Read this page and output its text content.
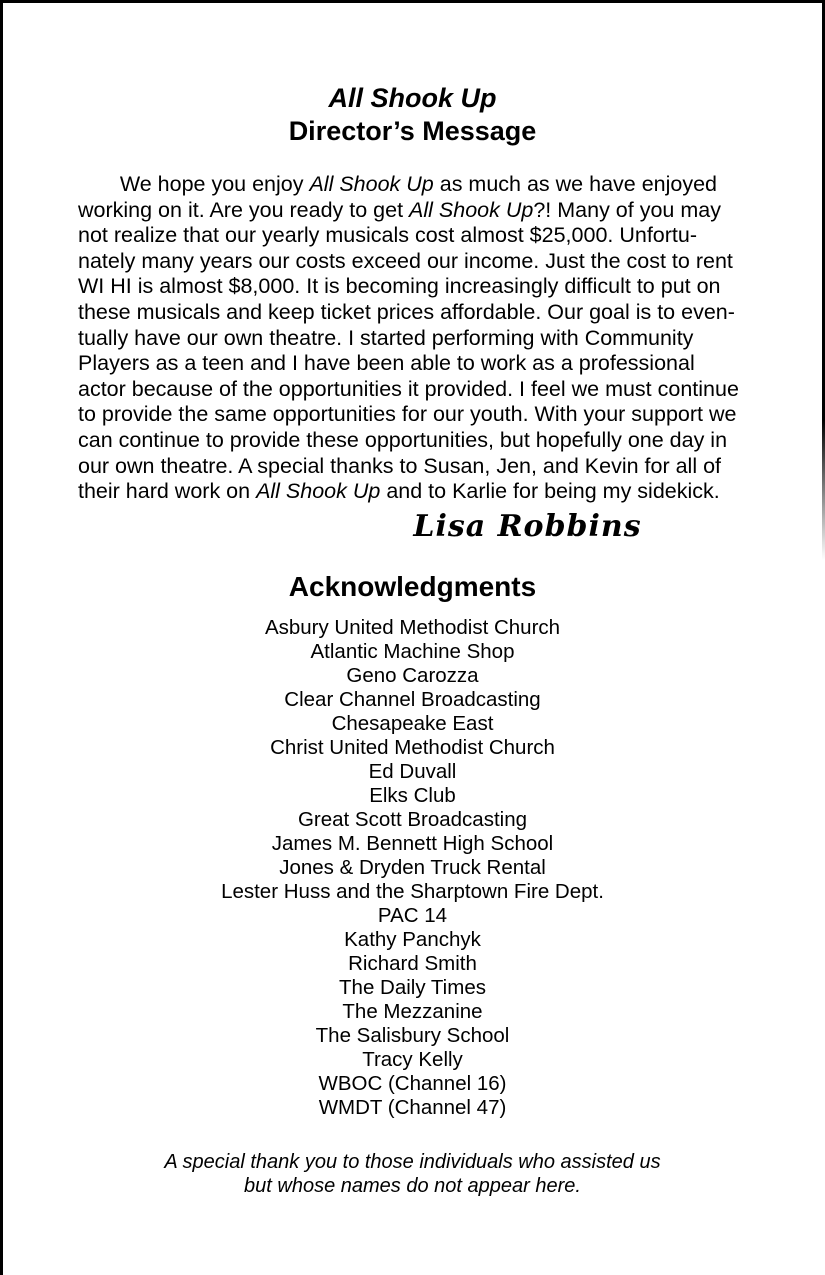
All Shook Up
Director’s Message
We hope you enjoy All Shook Up as much as we have enjoyed
working on it. Are you ready to get All Shook Up?! Many of you may
not realize that our yearly musicals cost almost $25,000. Unfortu-
nately many years our costs exceed our income. Just the cost to rent
WI HI is almost $8,000. It is becoming increasingly difficult to put on
these musicals and keep ticket prices affordable. Our goal is to even-
tually have our own theatre. I started performing with Community
Players as a teen and I have been able to work as a professional
actor because of the opportunities it provided. I feel we must continue
to provide the same opportunities for our youth. With your support we
can continue to provide these opportunities, but hopefully one day in
our own theatre. A special thanks to Susan, Jen, and Kevin for all of
their hard work on All Shook Up and to Karlie for being my sidekick.
Lisa Robbins
Acknowledgments
Asbury United Methodist Church
Atlantic Machine Shop
Geno Carozza
Clear Channel Broadcasting
Chesapeake East
Christ United Methodist Church
Ed Duvall
Elks Club
Great Scott Broadcasting
James M. Bennett High School
Jones & Dryden Truck Rental
Lester Huss and the Sharptown Fire Dept.
PAC 14
Kathy Panchyk
Richard Smith
The Daily Times
The Mezzanine
The Salisbury School
Tracy Kelly
WBOC (Channel 16)
WMDT (Channel 47)
A special thank you to those individuals who assisted us
but whose names do not appear here.
